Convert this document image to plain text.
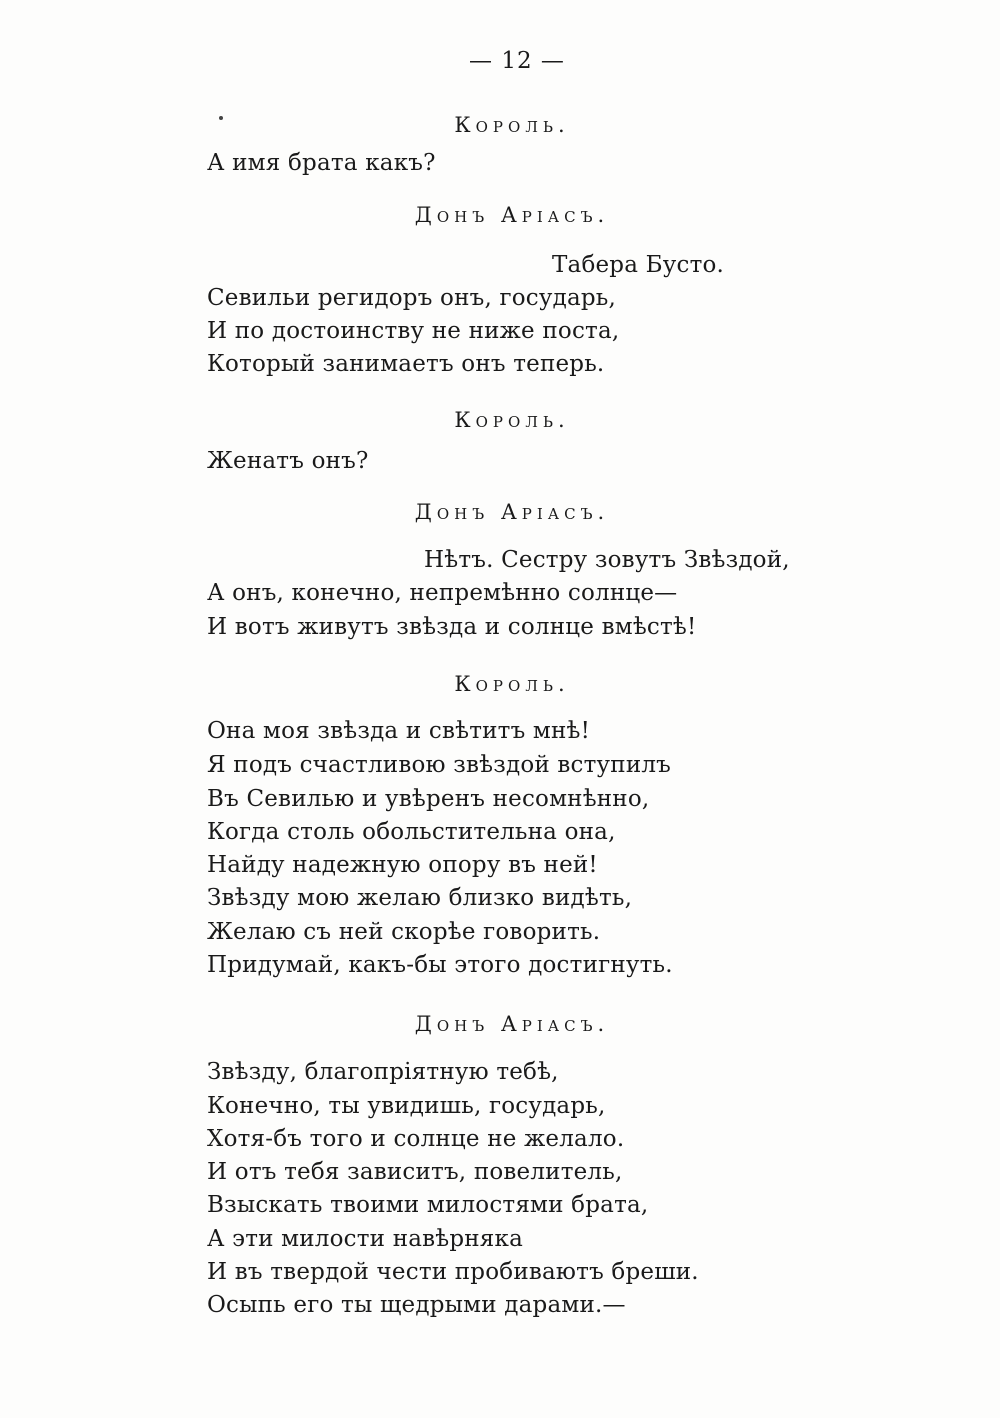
— 12 —
Король.
А имя брата какъ?
Донъ Аріасъ.
Табера Бусто.
Севильи регидоръ онъ, государь,
И по достоинству не ниже поста,
Который занимаетъ онъ теперь.
Король.
Женатъ онъ?
Донъ Аріасъ.
Нѣтъ. Сестру зовутъ Звѣздой,
А онъ, конечно, непремѣнно солнце—
И вотъ живутъ звѣзда и солнце вмѣстѣ!
Король.
Она моя звѣзда и свѣтитъ мнѣ!
Я подъ счастливою звѣздой вступилъ
Въ Севилью и увѣренъ несомнѣнно,
Когда столь обольстительна она,
Найду надежную опору въ ней!
Звѣзду мою желаю близко видѣть,
Желаю съ ней скорѣе говорить.
Придумай, какъ-бы этого достигнуть.
Донъ Аріасъ.
Звѣзду, благопріятную тебѣ,
Конечно, ты увидишь, государь,
Хотя-бъ того и солнце не желало.
И отъ тебя зависитъ, повелитель,
Взыскать твоими милостями брата,
А эти милости навѣрняка
И въ твердой чести пробиваютъ бреши.
Осыпь его ты щедрыми дарами.—
